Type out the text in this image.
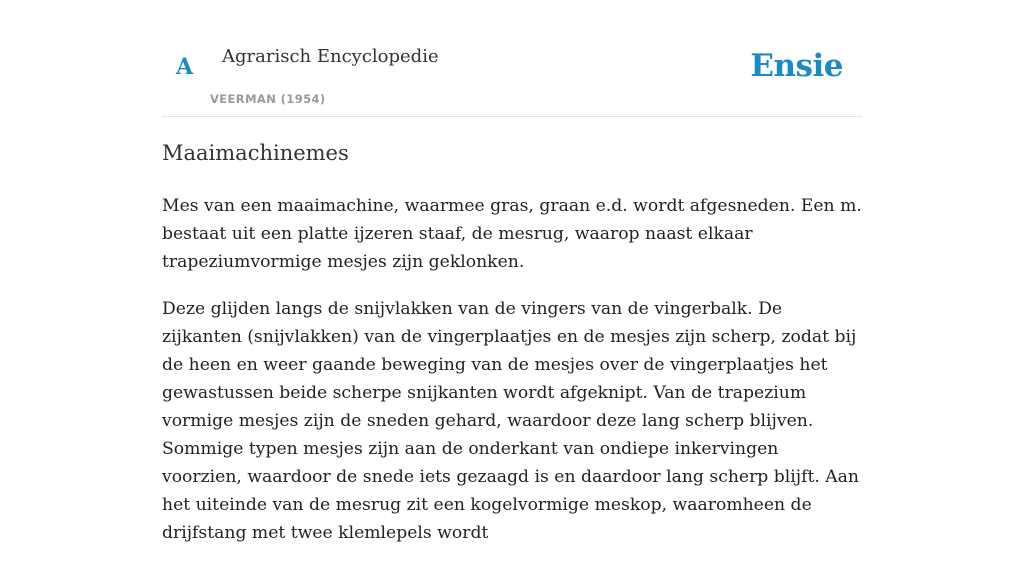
A Agrarisch Encyclopedie
VEERMAN (1954)
Ensie
Maaimachinemes

Mes van een maaimachine, waarmee gras, graan e.d. wordt afgesneden. Een m. bestaat uit een platte ijzeren staaf, de mesrug, waarop naast elkaar trapeziumvormige mesjes zijn geklonken.

Deze glijden langs de snijvlakken van de vingers van de vingerbalk. De zijkanten (snijvlakken) van de vingerplaatjes en de mesjes zijn scherp, zodat bij de heen en weer gaande beweging van de mesjes over de vingerplaatjes het gewastussen beide scherpe snijkanten wordt afgeknipt. Van de trapezium vormige mesjes zijn de sneden gehard, waardoor deze lang scherp blijven. Sommige typen mesjes zijn aan de onderkant van ondiepe inkervingen voorzien, waardoor de snede iets gezaagd is en daardoor lang scherp blijft. Aan het uiteinde van de mesrug zit een kogelvormige meskop, waaromheen de drijfstang met twee klemlepels wordt
